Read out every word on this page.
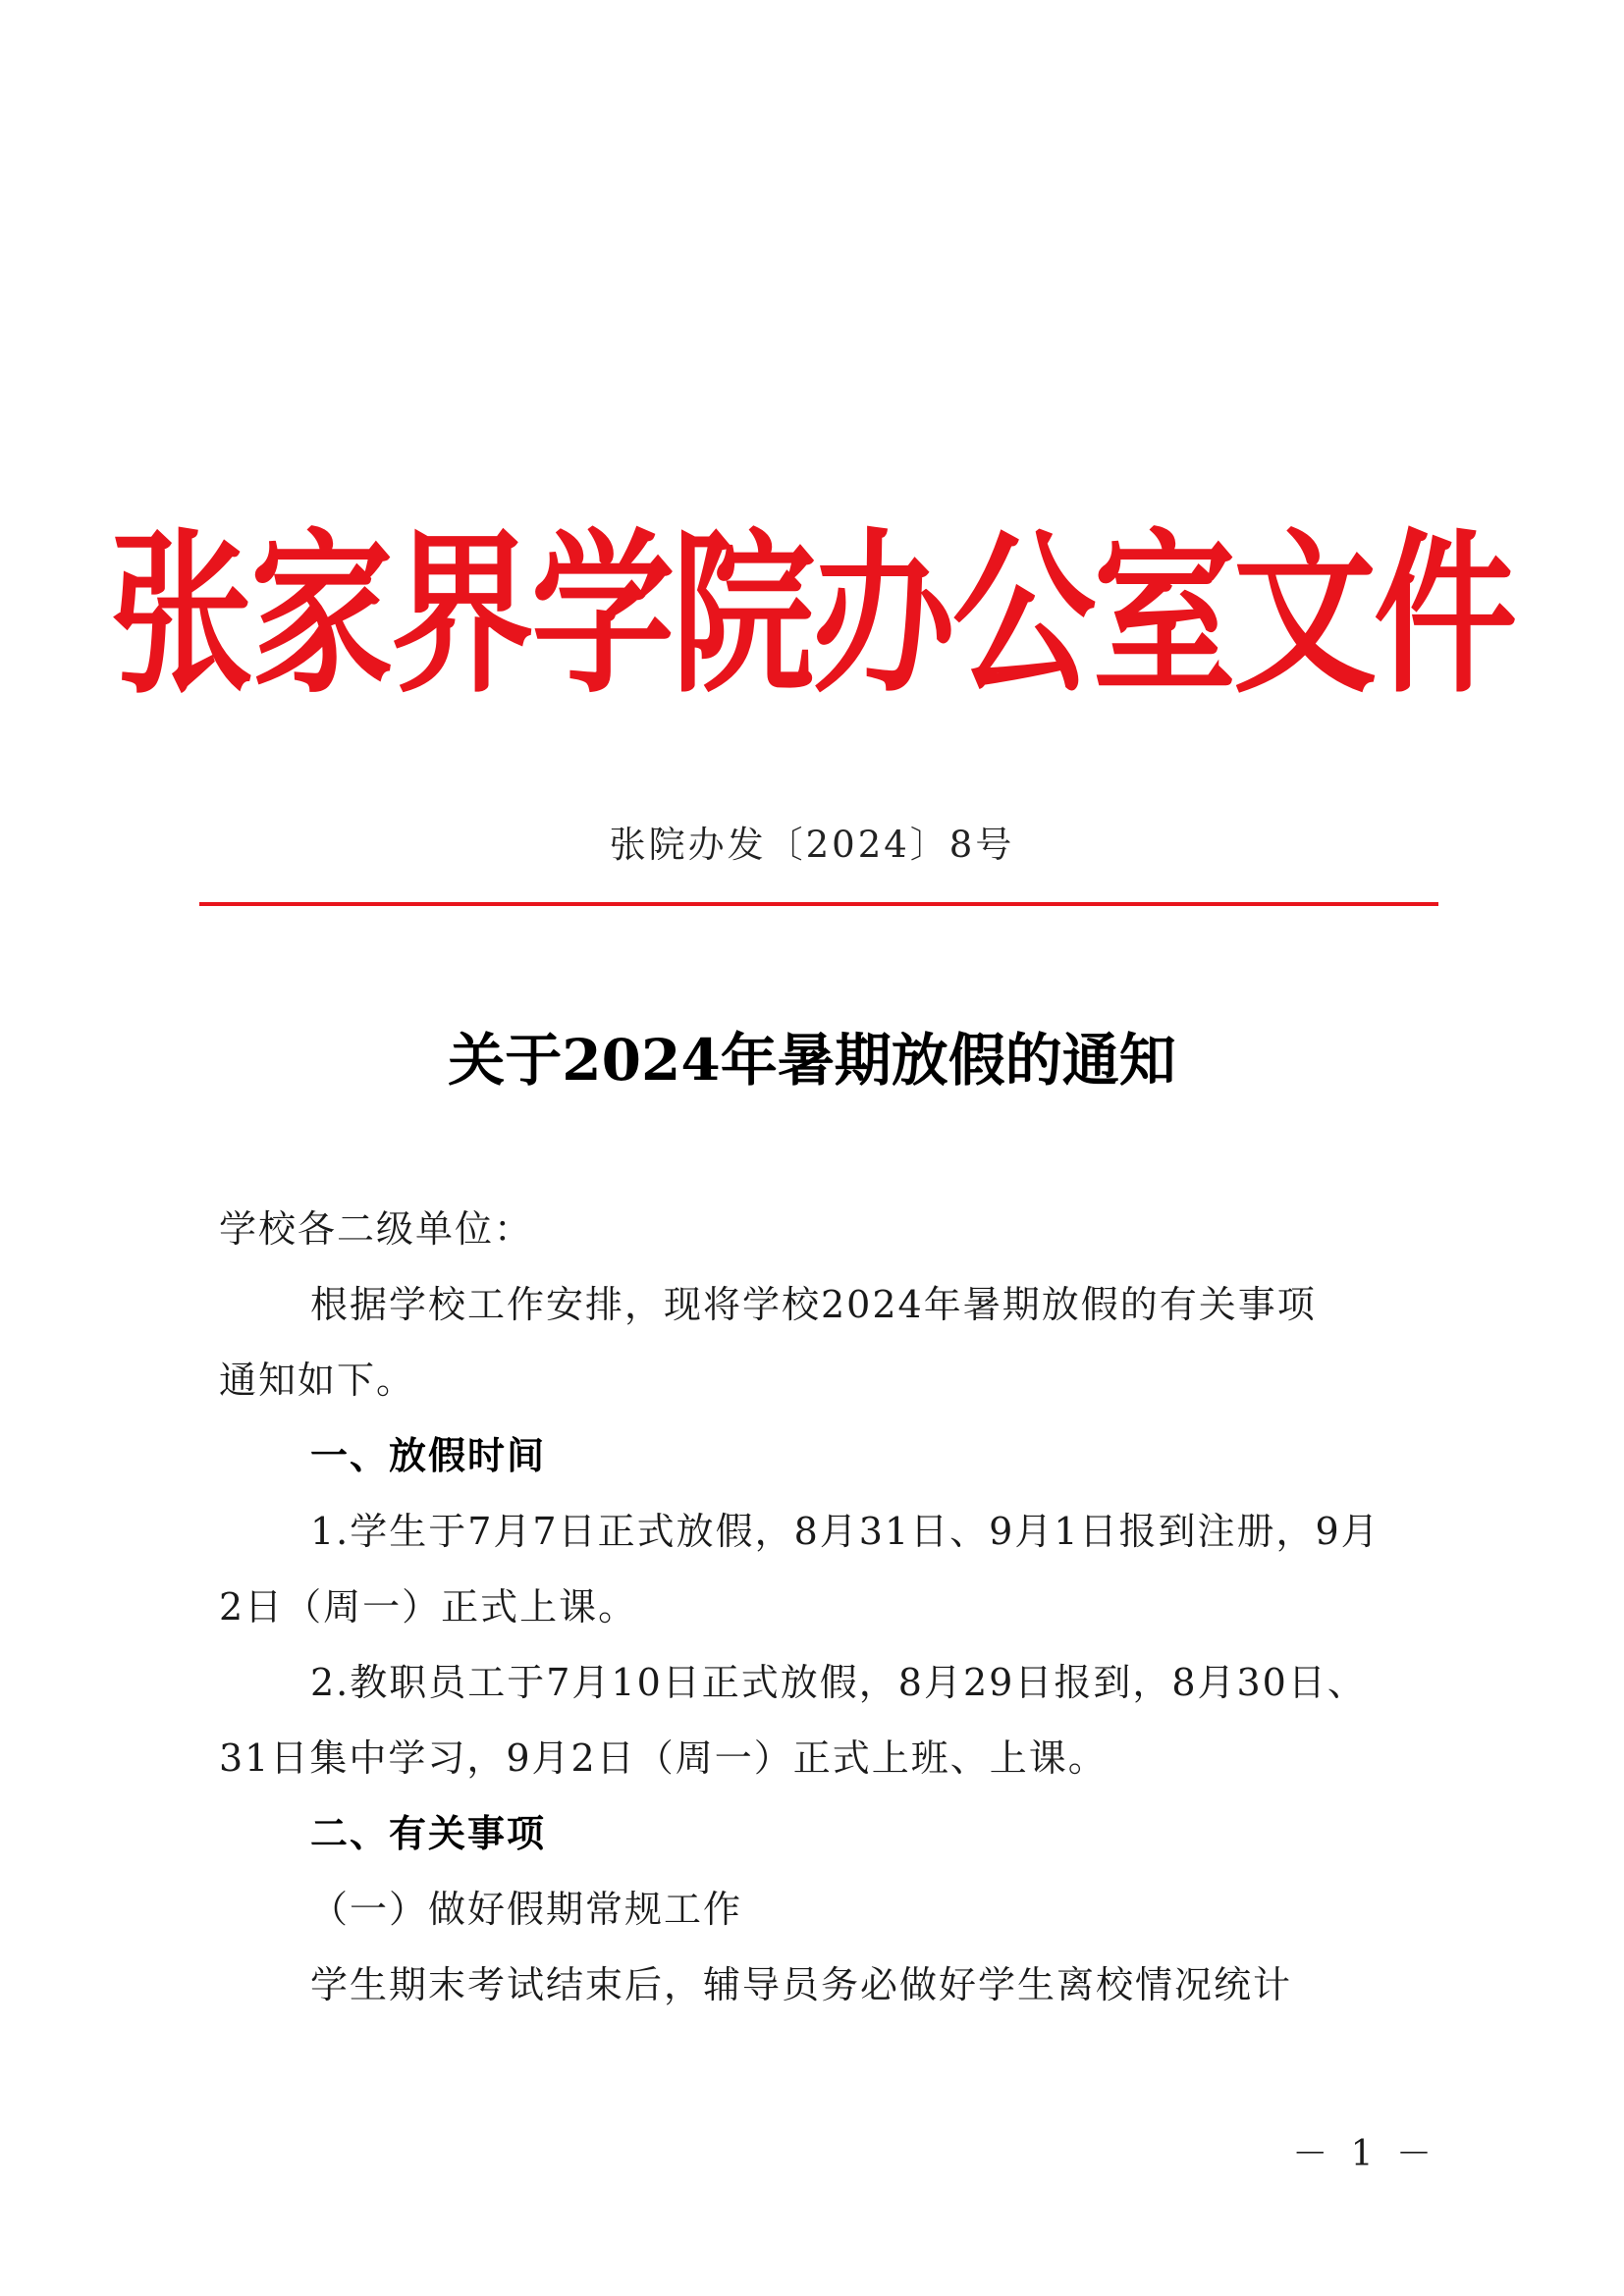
张家界学院办公室文件
张院办发〔2024〕8号
关于2024年暑期放假的通知
学校各二级单位：
根据学校工作安排，现将学校2024年暑期放假的有关事项
通知如下。
一、放假时间
1.学生于7月7日正式放假，8月31日、9月1日报到注册，9月
2日（周一）正式上课。
2.教职员工于7月10日正式放假，8月29日报到，8月30日、
31日集中学习，9月2日（周一）正式上班、上课。
二、有关事项
（一）做好假期常规工作
学生期末考试结束后，辅导员务必做好学生离校情况统计
－ 1 －
